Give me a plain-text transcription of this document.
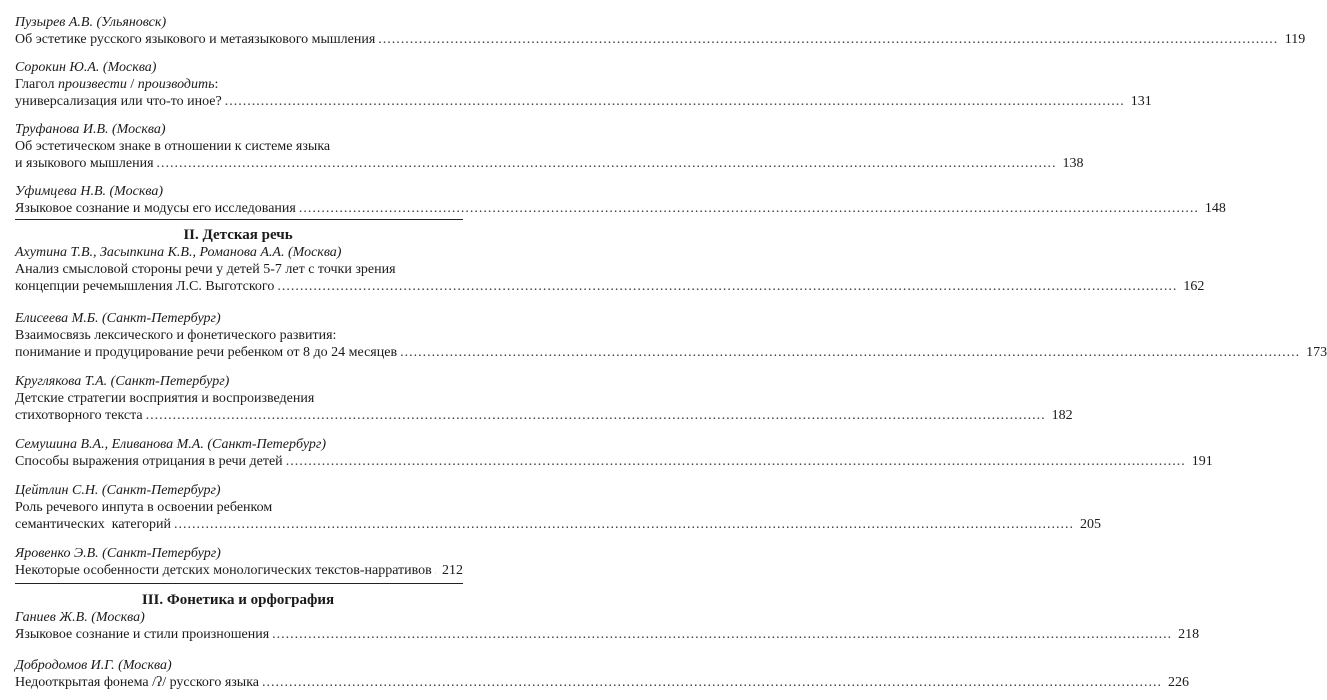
Пузырев А.В. (Ульяновск)
Об эстетике русского языкового и метаязыкового мышления ........................................................................................................................................................................................................ 119
Сорокин Ю.А. (Москва)
Глагол произвести / производить:
универсализация или что-то иное? ........................................................................................................................................................................................................ 131
Труфанова И.В. (Москва)
Об эстетическом знаке в отношении к системе языка
и языкового мышления ........................................................................................................................................................................................................ 138
Уфимцева Н.В. (Москва)
Языковое сознание и модусы его исследования ........................................................................................................................................................................................................ 148
II. Детская речь
Ахутина Т.В., Засыпкина К.В., Романова А.А. (Москва)
Анализ смысловой стороны речи у детей 5-7 лет с точки зрения
концепции речемышления Л.С. Выготского ........................................................................................................................................................................................................ 162
Елисеева М.Б. (Санкт-Петербург)
Взаимосвязь лексического и фонетического развития:
понимание и продуцирование речи ребенком от 8 до 24 месяцев ........................................................................................................................................................................................................ 173
Круглякова Т.А. (Санкт-Петербург)
Детские стратегии восприятия и воспроизведения
стихотворного текста ........................................................................................................................................................................................................ 182
Семушина В.А., Еливанова М.А. (Санкт-Петербург)
Способы выражения отрицания в речи детей ........................................................................................................................................................................................................ 191
Цейтлин С.Н. (Санкт-Петербург)
Роль речевого инпута в освоении ребенком
семантических  категорий ........................................................................................................................................................................................................ 205
Яровенко Э.В. (Санкт-Петербург)
Некоторые особенности детских монологических текстов-нарративов 212
III. Фонетика и орфография
Ганиев Ж.В. (Москва)
Языковое сознание и стили произношения ........................................................................................................................................................................................................ 218
Добродомов И.Г. (Москва)
Недооткрытая фонема /ʔ/ русского языка ........................................................................................................................................................................................................ 226
